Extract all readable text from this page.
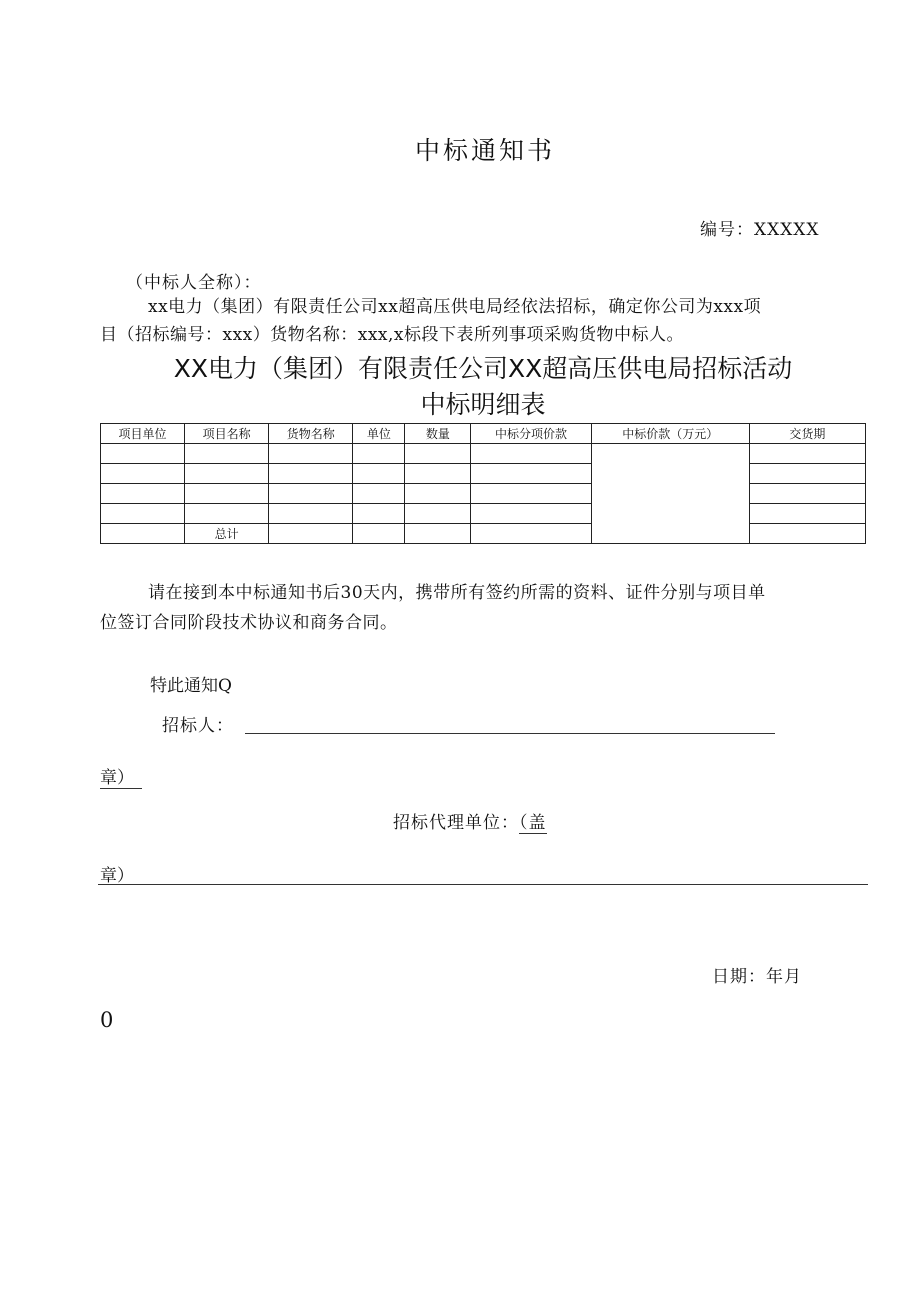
中标通知书
编号：XXXXX
（中标人全称）：
xx电力（集团）有限责任公司xx超高压供电局经依法招标，确定你公司为xxx项
目（招标编号：xxx）货物名称：xxx,x标段下表所列事项采购货物中标人。
XX电力（集团）有限责任公司XX超高压供电局招标活动
中标明细表
项目单位	项目名称	货物名称	单位	数量	中标分项价款	中标价款（万元）	交货期

	总计						
请在接到本中标通知书后30天内，携带所有签约所需的资料、证件分别与项目单
位签订合同阶段技术协议和商务合同。
特此通知Q
招标人：
章）
招标代理单位：（盖
章）
日期：年月
0
